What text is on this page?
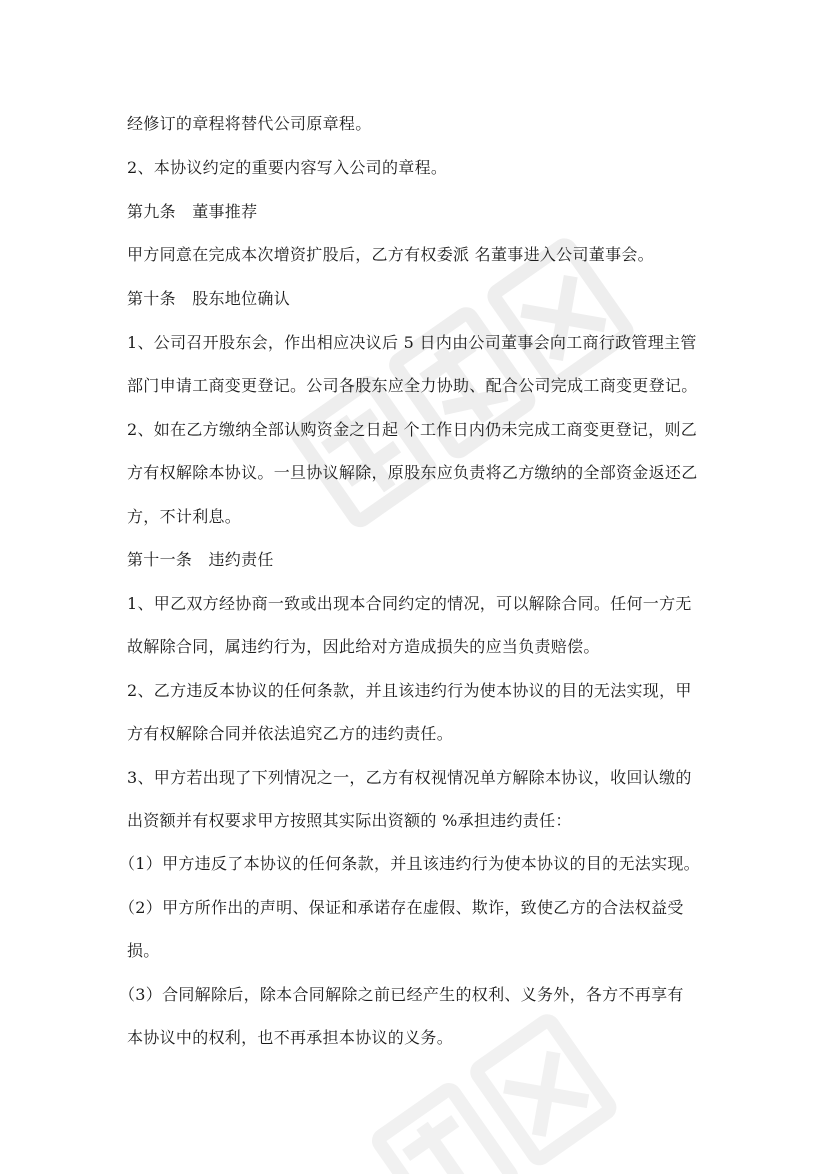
经修订的章程将替代公司原章程。
2、本协议约定的重要内容写入公司的章程。
第九条　董事推荐
甲方同意在完成本次增资扩股后，乙方有权委派 名董事进入公司董事会。
第十条　股东地位确认
1、公司召开股东会，作出相应决议后 5 日内由公司董事会向工商行政管理主管
部门申请工商变更登记。公司各股东应全力协助、配合公司完成工商变更登记。
2、如在乙方缴纳全部认购资金之日起 个工作日内仍未完成工商变更登记，则乙
方有权解除本协议。一旦协议解除，原股东应负责将乙方缴纳的全部资金返还乙
方，不计利息。
第十一条　违约责任
1、甲乙双方经协商一致或出现本合同约定的情况，可以解除合同。任何一方无
故解除合同，属违约行为，因此给对方造成损失的应当负责赔偿。
2、乙方违反本协议的任何条款，并且该违约行为使本协议的目的无法实现，甲
方有权解除合同并依法追究乙方的违约责任。
3、甲方若出现了下列情况之一，乙方有权视情况单方解除本协议，收回认缴的
出资额并有权要求甲方按照其实际出资额的 %承担违约责任：
（1）甲方违反了本协议的任何条款，并且该违约行为使本协议的目的无法实现。
（2）甲方所作出的声明、保证和承诺存在虚假、欺诈，致使乙方的合法权益受
损。
（3）合同解除后，除本合同解除之前已经产生的权利、义务外，各方不再享有
本协议中的权利，也不再承担本协议的义务。
